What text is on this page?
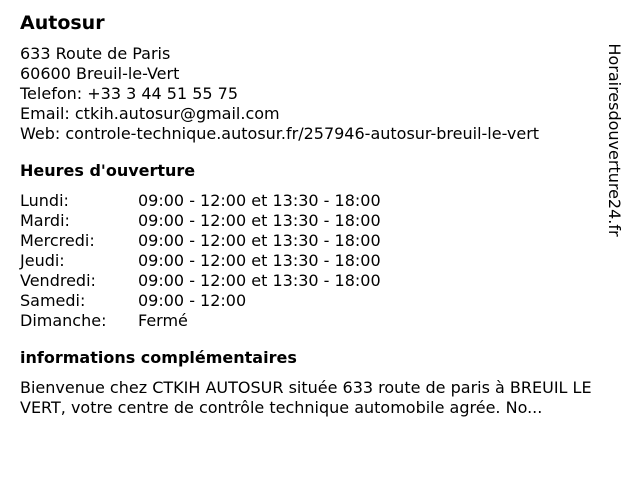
Autosur
633 Route de Paris
60600 Breuil-le-Vert
Telefon: +33 3 44 51 55 75
Email: ctkih.autosur@gmail.com
Web: controle-technique.autosur.fr/257946-autosur-breuil-le-vert
Heures d'ouverture
Lundi:	09:00 - 12:00 et 13:30 - 18:00
Mardi:	09:00 - 12:00 et 13:30 - 18:00
Mercredi:	09:00 - 12:00 et 13:30 - 18:00
Jeudi:	09:00 - 12:00 et 13:30 - 18:00
Vendredi:	09:00 - 12:00 et 13:30 - 18:00
Samedi:	09:00 - 12:00
Dimanche:	Fermé
informations complémentaires
Bienvenue chez CTKIH AUTOSUR située 633 route de paris à BREUIL LE VERT, votre centre de contrôle technique automobile agrée. No...
Horairesdouverture24.fr
